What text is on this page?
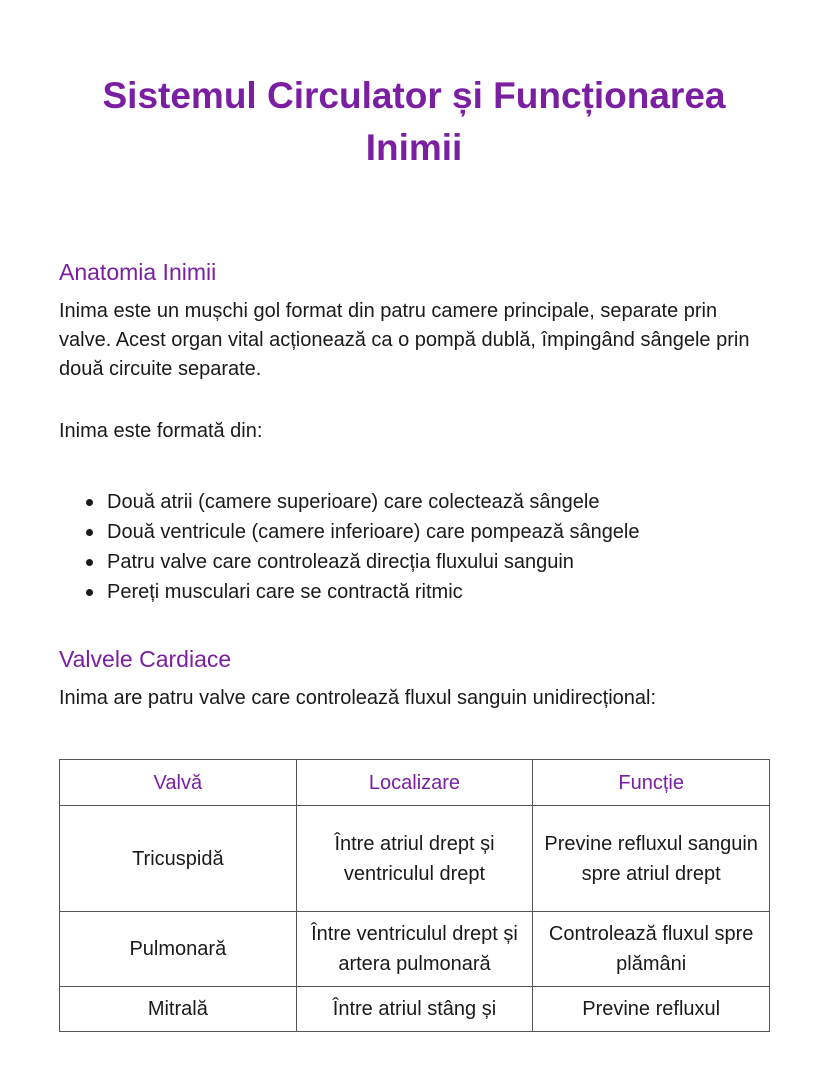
Sistemul Circulator și Funcționarea Inimii
Anatomia Inimii

Inima este un mușchi gol format din patru camere principale, separate prin valve. Acest organ vital acționează ca o pompă dublă, împingând sângele prin două circuite separate.

Inima este formată din:

Două atrii (camere superioare) care colectează sângele
Două ventricule (camere inferioare) care pompează sângele
Patru valve care controlează direcția fluxului sanguin
Pereți musculari care se contractă ritmic
Valvele Cardiace

Inima are patru valve care controlează fluxul sanguin unidirecțional:

Valvă	Localizare	Funcție
Tricuspidă	Între atriul drept și ventriculul drept	Previne refluxul sanguin spre atriul drept
Pulmonară	Între ventriculul drept și artera pulmonară	Controlează fluxul spre plămâni
Mitrală	Între atriul stâng și	Previne refluxul
